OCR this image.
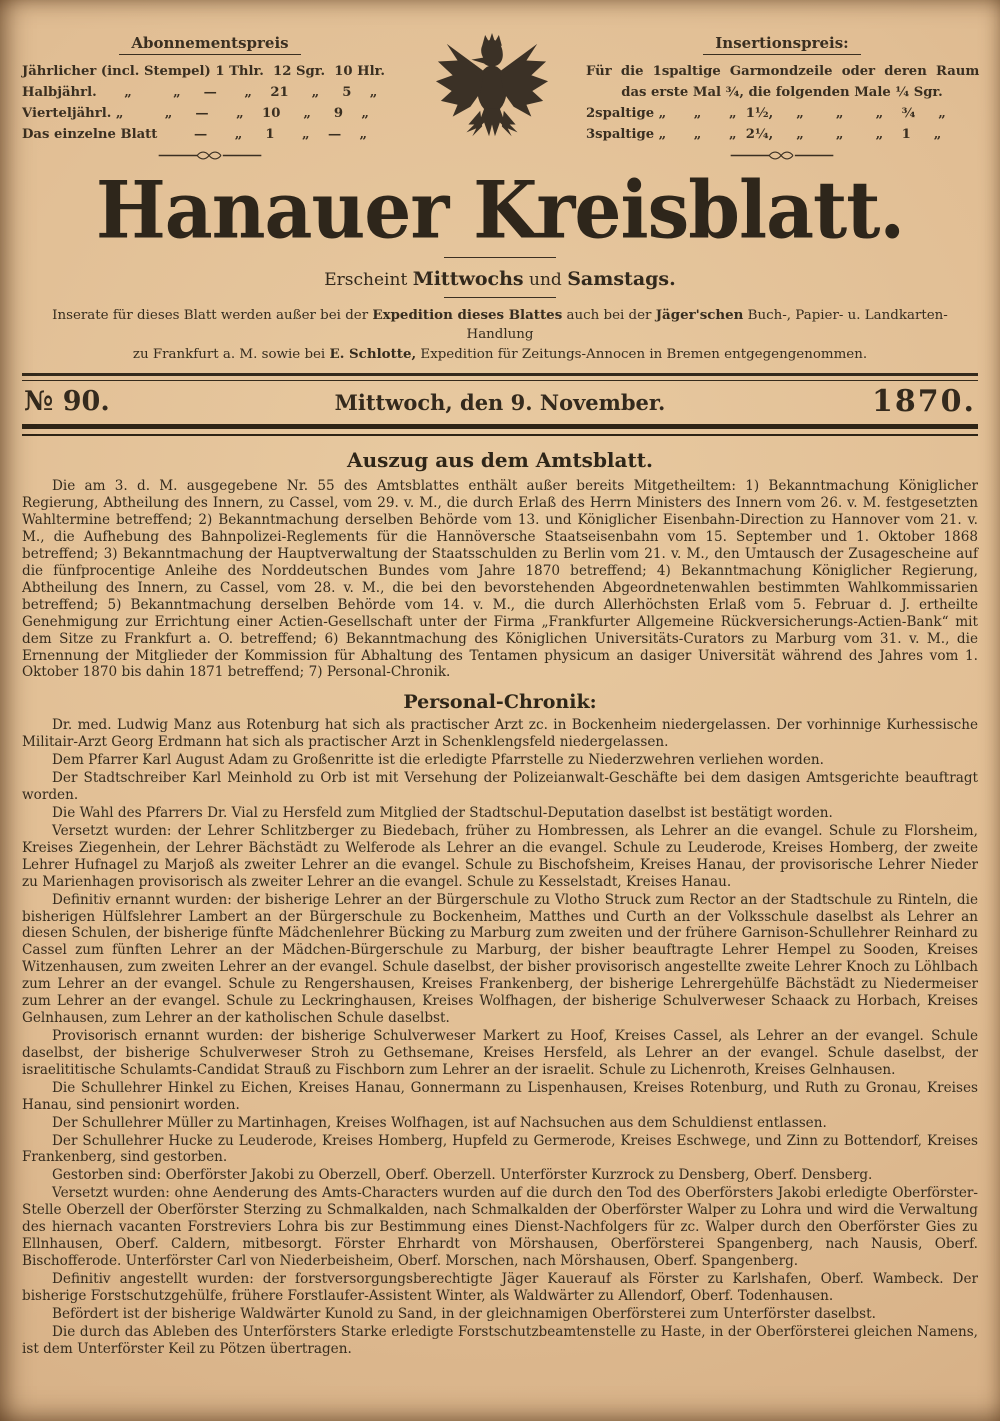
Abonnementspreis
Jährlicher (incl. Stempel) 1 Thlr.  12 Sgr.  10 Hlr.
Halbjährl.      „         „     —      „    21     „     5    „
Vierteljährl. „         „     —      „    10     „     9    „
Das einzelne Blatt        —      „     1      „    —    „
Insertionspreis:
Für  die  1spaltige  Garmondzeile  oder  deren  Raum
das erste Mal ¾, die folgenden Male ¼ Sgr.
2spaltige „      „      „  1½,     „       „       „    ¾     „
3spaltige „      „      „  2¼,     „       „       „    1     „
Hanauer Kreisblatt.
Erscheint Mittwochs und Samstags.

Inserate für dieses Blatt werden außer bei der Expedition dieses Blattes auch bei der Jäger'schen Buch-, Papier- u. Landkarten-Handlung
zu Frankfurt a. M. sowie bei E. Schlotte, Expedition für Zeitungs-Annocen in Bremen entgegengenommen.

№ 90.	Mittwoch, den 9. November.	1870.
Auszug aus dem Amtsblatt.

Die am 3. d. M. ausgegebene Nr. 55 des Amtsblattes enthält außer bereits Mitgetheiltem: 1) Bekanntmachung Königlicher Regierung, Abtheilung des Innern, zu Cassel, vom 29. v. M., die durch Erlaß des Herrn Ministers des Innern vom 26. v. M. festgesetzten Wahltermine betreffend; 2) Bekanntmachung derselben Behörde vom 13. und Königlicher Eisenbahn-Direction zu Hannover vom 21. v. M., die Aufhebung des Bahnpolizei-Reglements für die Hannöversche Staatseisenbahn vom 15. September und 1. Oktober 1868 betreffend; 3) Bekanntmachung der Hauptverwaltung der Staatsschulden zu Berlin vom 21. v. M., den Umtausch der Zusagescheine auf die fünfprocentige Anleihe des Norddeutschen Bundes vom Jahre 1870 betreffend; 4) Bekanntmachung Königlicher Regierung, Abtheilung des Innern, zu Cassel, vom 28. v. M., die bei den bevorstehenden Abgeordnetenwahlen bestimmten Wahlkommissarien betreffend; 5) Bekanntmachung derselben Behörde vom 14. v. M., die durch Allerhöchsten Erlaß vom 5. Februar d. J. ertheilte Genehmigung zur Errichtung einer Actien-Gesellschaft unter der Firma „Frankfurter Allgemeine Rückversicherungs-Actien-Bank“ mit dem Sitze zu Frankfurt a. O. betreffend; 6) Bekanntmachung des Königlichen Universitäts-Curators zu Marburg vom 31. v. M., die Ernennung der Mitglieder der Kommission für Abhaltung des Tentamen physicum an dasiger Universität während des Jahres vom 1. Oktober 1870 bis dahin 1871 betreffend; 7) Personal-Chronik.

Personal-Chronik:

Dr. med. Ludwig Manz aus Rotenburg hat sich als practischer Arzt zc. in Bockenheim niedergelassen. Der vorhinnige Kurhessische Militair-Arzt Georg Erdmann hat sich als practischer Arzt in Schenklengsfeld niedergelassen.

Dem Pfarrer Karl August Adam zu Großenritte ist die erledigte Pfarrstelle zu Niederzwehren verliehen worden.

Der Stadtschreiber Karl Meinhold zu Orb ist mit Versehung der Polizeianwalt-Geschäfte bei dem dasigen Amtsgerichte beauftragt worden.

Die Wahl des Pfarrers Dr. Vial zu Hersfeld zum Mitglied der Stadtschul-Deputation daselbst ist bestätigt worden.

Versetzt wurden: der Lehrer Schlitzberger zu Biedebach, früher zu Hombressen, als Lehrer an die evangel. Schule zu Florsheim, Kreises Ziegenhein, der Lehrer Bächstädt zu Welferode als Lehrer an die evangel. Schule zu Leuderode, Kreises Homberg, der zweite Lehrer Hufnagel zu Marjoß als zweiter Lehrer an die evangel. Schule zu Bischofsheim, Kreises Hanau, der provisorische Lehrer Nieder zu Marienhagen provisorisch als zweiter Lehrer an die evangel. Schule zu Kesselstadt, Kreises Hanau.

Definitiv ernannt wurden: der bisherige Lehrer an der Bürgerschule zu Vlotho Struck zum Rector an der Stadtschule zu Rinteln, die bisherigen Hülfslehrer Lambert an der Bürgerschule zu Bockenheim, Matthes und Curth an der Volksschule daselbst als Lehrer an diesen Schulen, der bisherige fünfte Mädchenlehrer Bücking zu Marburg zum zweiten und der frühere Garnison-Schullehrer Reinhard zu Cassel zum fünften Lehrer an der Mädchen-Bürgerschule zu Marburg, der bisher beauftragte Lehrer Hempel zu Sooden, Kreises Witzenhausen, zum zweiten Lehrer an der evangel. Schule daselbst, der bisher provisorisch angestellte zweite Lehrer Knoch zu Löhlbach zum Lehrer an der evangel. Schule zu Rengershausen, Kreises Frankenberg, der bisherige Lehrergehülfe Bächstädt zu Niedermeiser zum Lehrer an der evangel. Schule zu Leckringhausen, Kreises Wolfhagen, der bisherige Schulverweser Schaack zu Horbach, Kreises Gelnhausen, zum Lehrer an der katholischen Schule daselbst.

Provisorisch ernannt wurden: der bisherige Schulverweser Markert zu Hoof, Kreises Cassel, als Lehrer an der evangel. Schule daselbst, der bisherige Schulverweser Stroh zu Gethsemane, Kreises Hersfeld, als Lehrer an der evangel. Schule daselbst, der israelititische Schulamts-Candidat Strauß zu Fischborn zum Lehrer an der israelit. Schule zu Lichenroth, Kreises Gelnhausen.

Die Schullehrer Hinkel zu Eichen, Kreises Hanau, Gonnermann zu Lispenhausen, Kreises Rotenburg, und Ruth zu Gronau, Kreises Hanau, sind pensionirt worden.

Der Schullehrer Müller zu Martinhagen, Kreises Wolfhagen, ist auf Nachsuchen aus dem Schuldienst entlassen.

Der Schullehrer Hucke zu Leuderode, Kreises Homberg, Hupfeld zu Germerode, Kreises Eschwege, und Zinn zu Bottendorf, Kreises Frankenberg, sind gestorben.

Gestorben sind: Oberförster Jakobi zu Oberzell, Oberf. Oberzell. Unterförster Kurzrock zu Densberg, Oberf. Densberg.

Versetzt wurden: ohne Aenderung des Amts-Characters wurden auf die durch den Tod des Oberförsters Jakobi erledigte Oberförster-Stelle Oberzell der Oberförster Sterzing zu Schmalkalden, nach Schmalkalden der Oberförster Walper zu Lohra und wird die Verwaltung des hiernach vacanten Forstreviers Lohra bis zur Bestimmung eines Dienst-Nachfolgers für zc. Walper durch den Oberförster Gies zu Ellnhausen, Oberf. Caldern, mitbesorgt. Förster Ehrhardt von Mörshausen, Oberförsterei Spangenberg, nach Nausis, Oberf. Bischofferode. Unterförster Carl von Niederbeisheim, Oberf. Morschen, nach Mörshausen, Oberf. Spangenberg.

Definitiv angestellt wurden: der forstversorgungsberechtigte Jäger Kauerauf als Förster zu Karlshafen, Oberf. Wambeck. Der bisherige Forstschutzgehülfe, frühere Forstlaufer-Assistent Winter, als Waldwärter zu Allendorf, Oberf. Todenhausen.

Befördert ist der bisherige Waldwärter Kunold zu Sand, in der gleichnamigen Oberförsterei zum Unterförster daselbst.

Die durch das Ableben des Unterförsters Starke erledigte Forstschutzbeamtenstelle zu Haste, in der Oberförsterei gleichen Namens, ist dem Unterförster Keil zu Pötzen übertragen.
